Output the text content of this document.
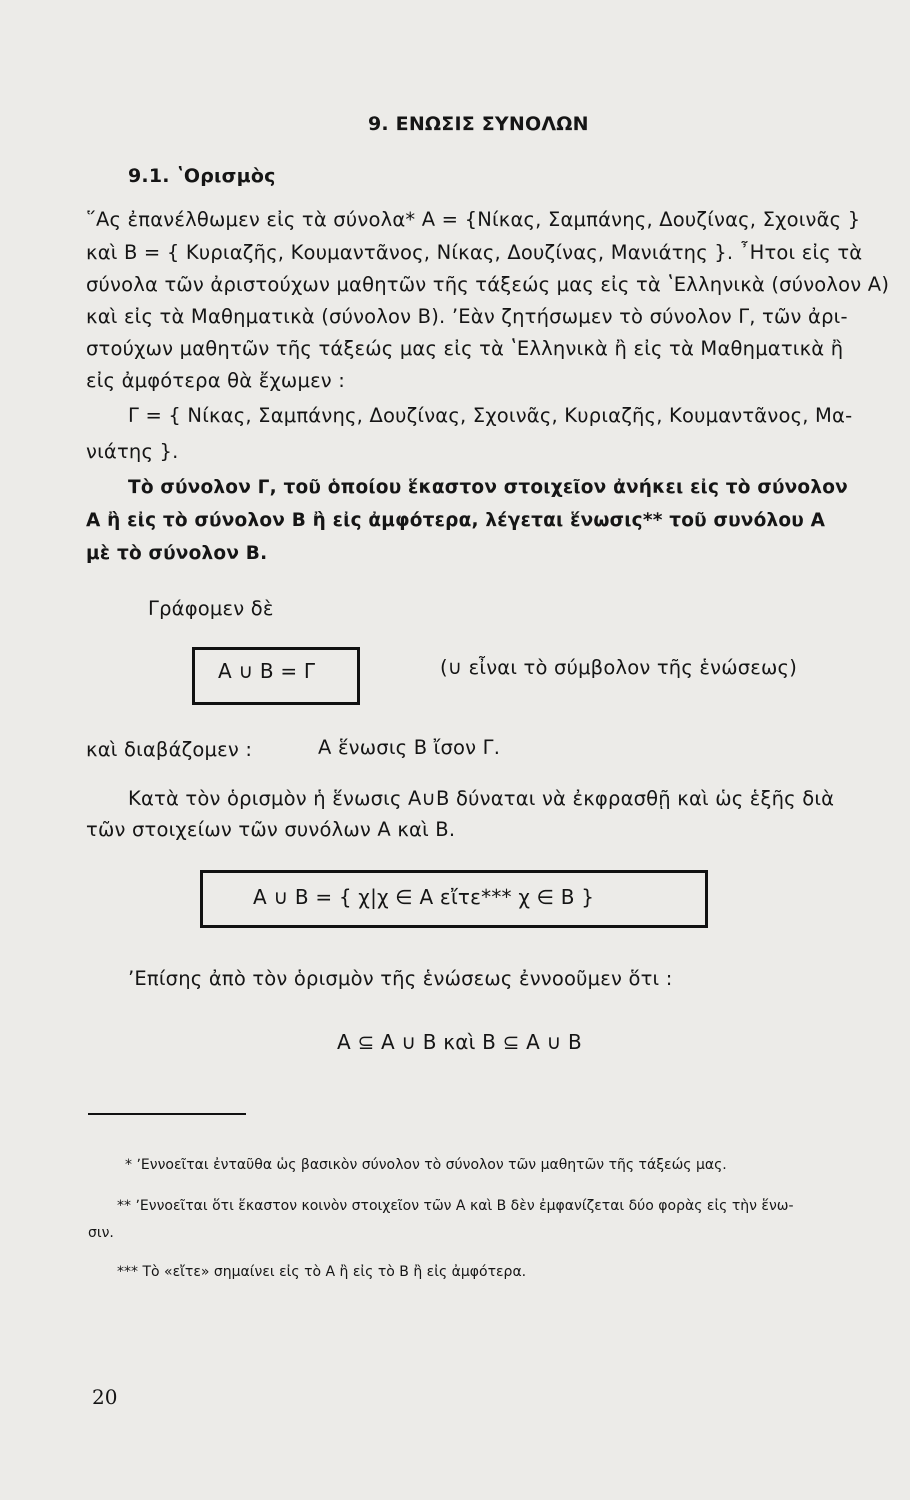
9. ΕΝΩΣΙΣ ΣΥΝΟΛΩΝ
9.1. ʽΟρισμὸς
῞Ας ἐπανέλθωμεν εἰς τὰ σύνολα* Α = {Νίκας, Σαμπάνης, Δουζίνας, Σχοινᾶς }
καὶ Β = { Κυριαζῆς, Κουμαντᾶνος, Νίκας, Δουζίνας, Μανιάτης }. ῏Ητοι εἰς τὰ
σύνολα τῶν ἀριστούχων μαθητῶν τῆς τάξεώς μας εἰς τὰ ʽΕλληνικὰ (σύνολον Α)
καὶ εἰς τὰ Μαθηματικὰ (σύνολον Β). ʼΕὰν ζητήσωμεν τὸ σύνολον Γ, τῶν ἀρι-
στούχων μαθητῶν τῆς τάξεώς μας εἰς τὰ ʽΕλληνικὰ ἢ εἰς τὰ Μαθηματικὰ ἢ
εἰς ἀμφότερα θὰ ἔχωμεν :
Γ = { Νίκας, Σαμπάνης, Δουζίνας, Σχοινᾶς, Κυριαζῆς, Κουμαντᾶνος, Μα-
νιάτης }.
Τὸ σύνολον Γ, τοῦ ὁποίου ἕκαστον στοιχεῖον ἀνήκει εἰς τὸ σύνολον
Α ἢ εἰς τὸ σύνολον Β ἢ εἰς ἀμφότερα, λέγεται ἕνωσις** τοῦ συνόλου Α
μὲ τὸ σύνολον Β.
Γράφομεν δὲ
Α ∪ Β = Γ	(∪ εἶναι τὸ σύμβολον τῆς ἑνώσεως)
καὶ διαβάζομεν :	Α ἕνωσις Β ἴσον Γ.
Κατὰ τὸν ὁρισμὸν ἡ ἕνωσις Α∪Β δύναται νὰ ἐκφρασθῇ καὶ ὡς ἑξῆς διὰ
τῶν στοιχείων τῶν συνόλων Α καὶ Β.
Α ∪ Β = { χ|χ ∈ Α εἴτε*** χ ∈ Β }
ʼΕπίσης ἀπὸ τὸν ὁρισμὸν τῆς ἑνώσεως ἐννοοῦμεν ὅτι :
Α ⊆ Α ∪ Β καὶ Β ⊆ Α ∪ Β
* ʼΕννοεῖται ἐνταῦθα ὡς βασικὸν σύνολον τὸ σύνολον τῶν μαθητῶν τῆς τάξεώς μας.
** ʼΕννοεῖται ὅτι ἕκαστον κοινὸν στοιχεῖον τῶν Α καὶ Β δὲν ἐμφανίζεται δύο φορὰς εἰς τὴν ἕνω-
σιν.
*** Τὸ «εἴτε» σημαίνει εἰς τὸ Α ἢ εἰς τὸ Β ἢ εἰς ἀμφότερα.
20
